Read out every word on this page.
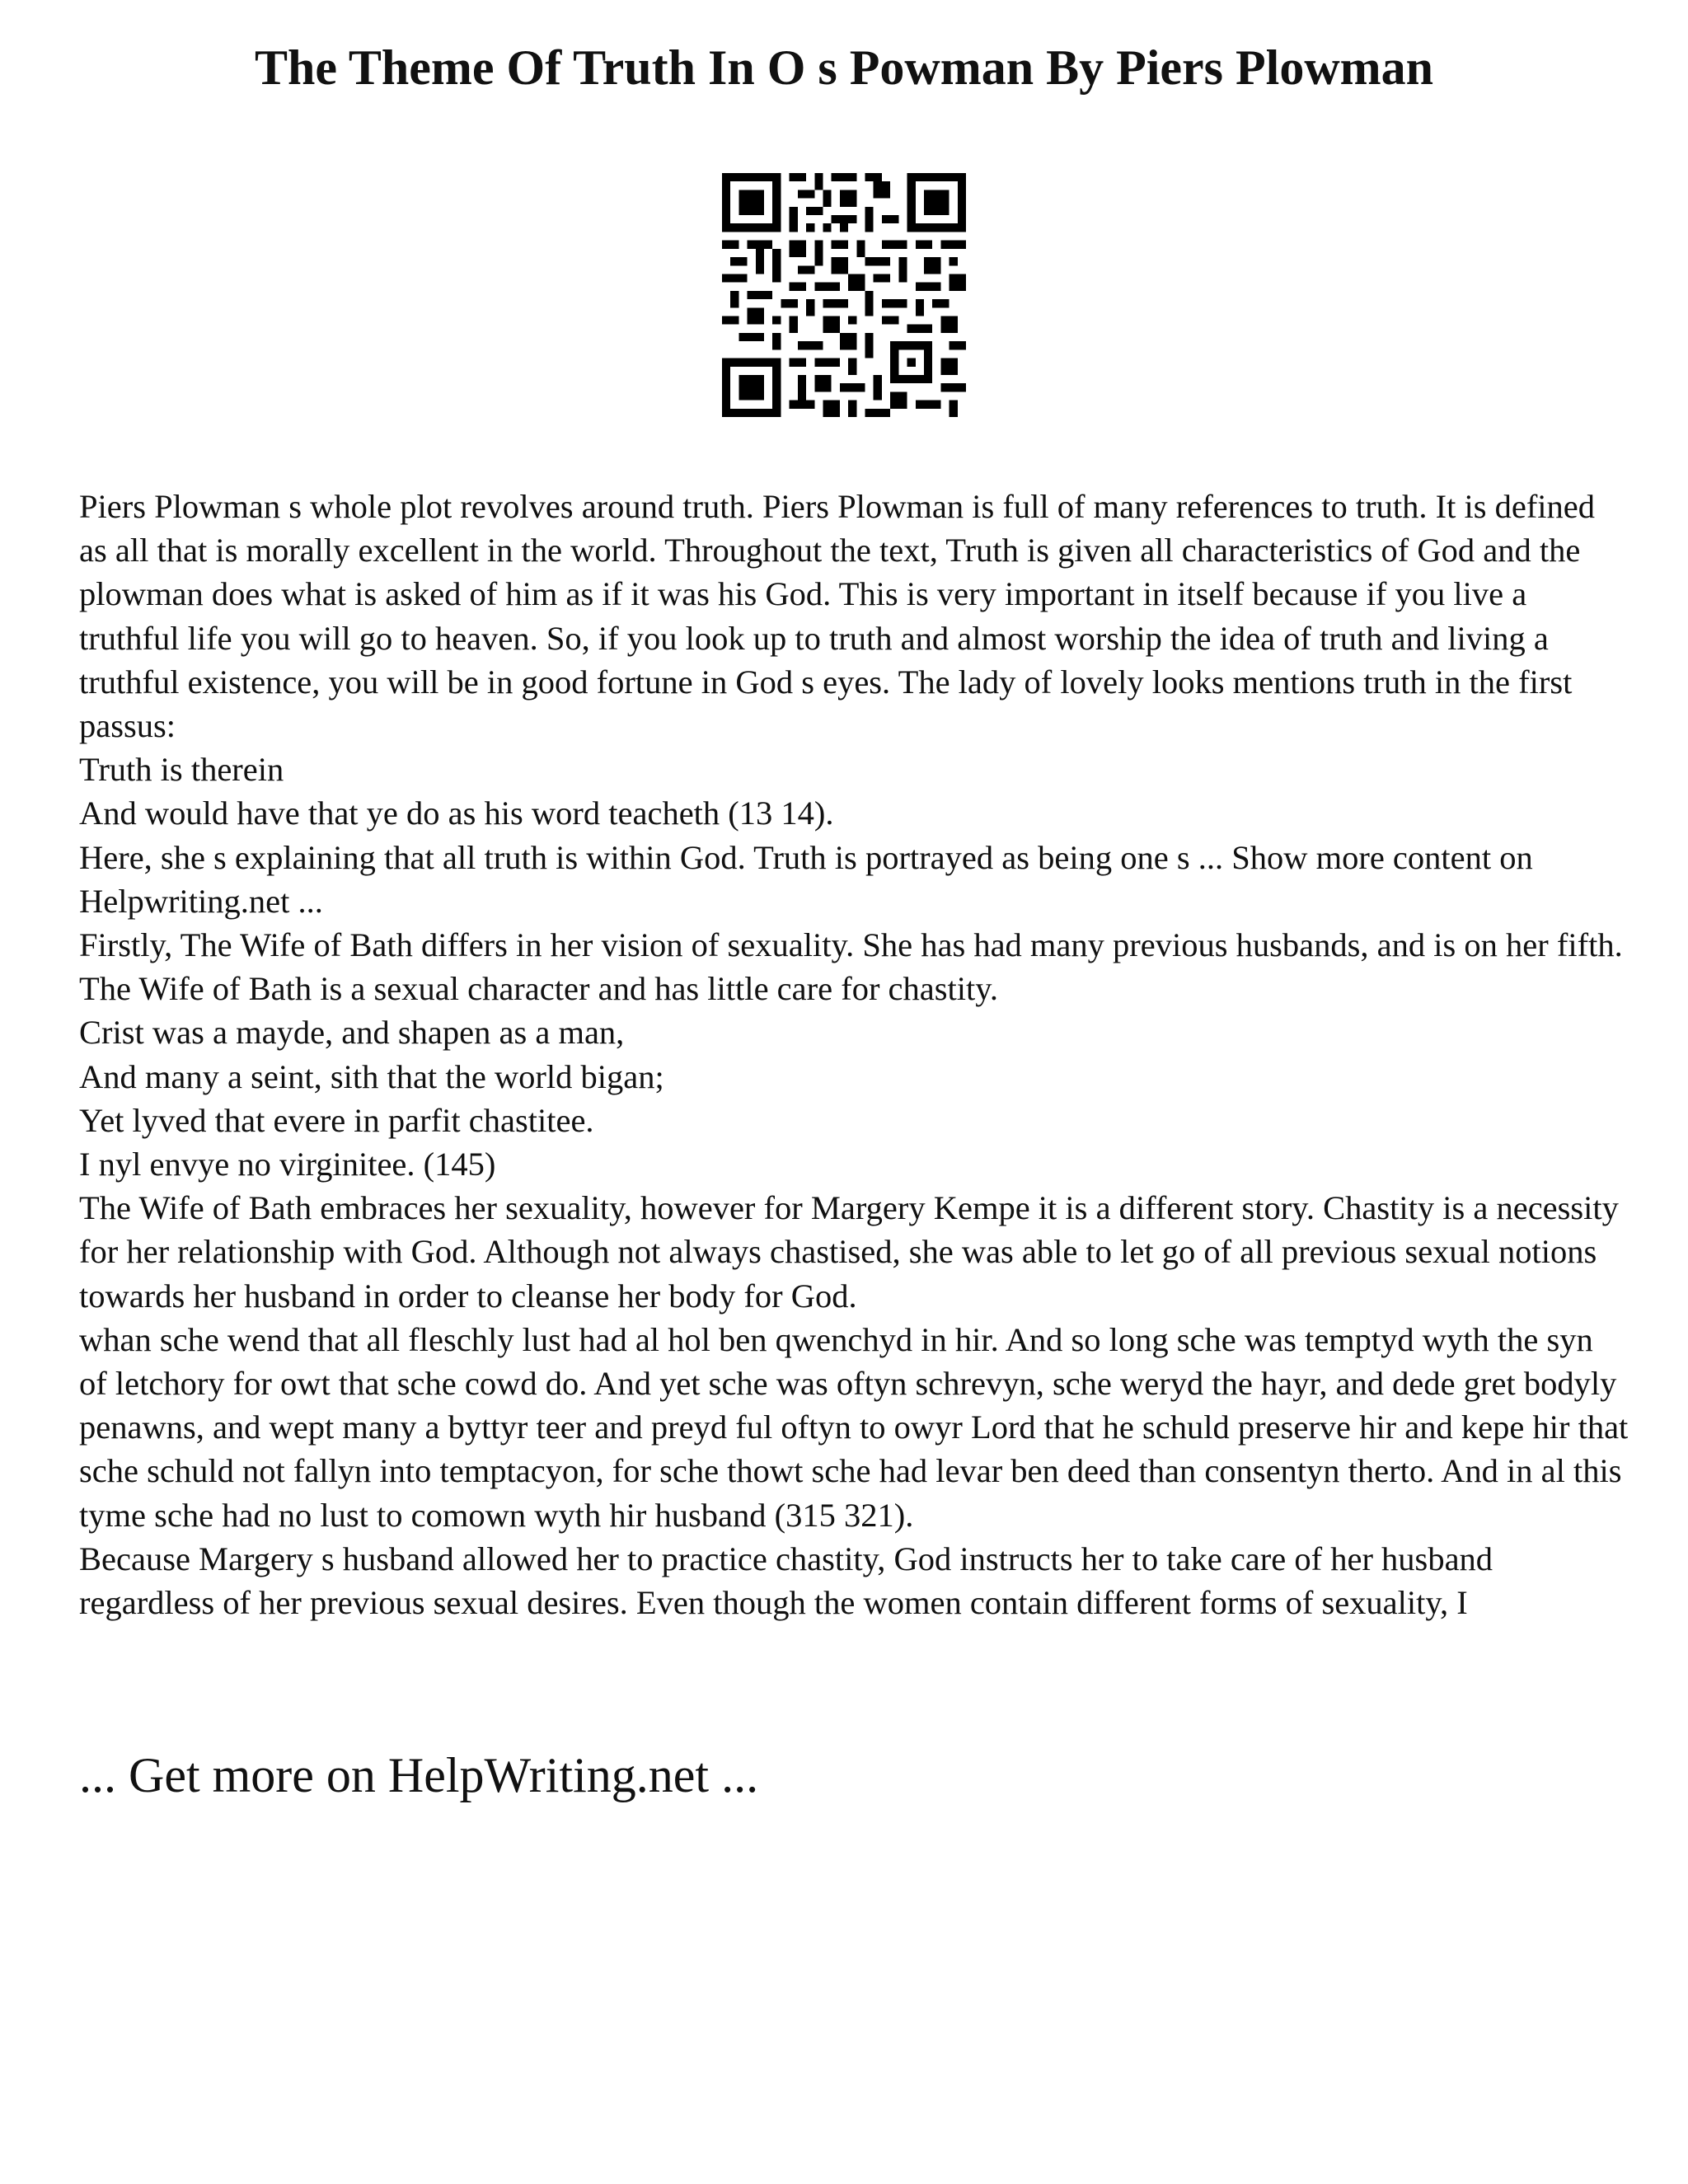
The Theme Of Truth In O s Powman By Piers Plowman

Piers Plowman s whole plot revolves around truth. Piers Plowman is full of many references to truth. It is defined as all that is morally excellent in the world. Throughout the text, Truth is given all characteristics of God and the plowman does what is asked of him as if it was his God. This is very important in itself because if you live a truthful life you will go to heaven. So, if you look up to truth and almost worship the idea of truth and living a truthful existence, you will be in good fortune in God s eyes. The lady of lovely looks mentions truth in the first passus:

Truth is therein

And would have that ye do as his word teacheth (13 14).

Here, she s explaining that all truth is within God. Truth is portrayed as being one s ... Show more content on Helpwriting.net ...

Firstly, The Wife of Bath differs in her vision of sexuality. She has had many previous husbands, and is on her fifth. The Wife of Bath is a sexual character and has little care for chastity.

Crist was a mayde, and shapen as a man,

And many a seint, sith that the world bigan;

Yet lyved that evere in parfit chastitee.

I nyl envye no virginitee. (145)

The Wife of Bath embraces her sexuality, however for Margery Kempe it is a different story. Chastity is a necessity for her relationship with God. Although not always chastised, she was able to let go of all previous sexual notions towards her husband in order to cleanse her body for God.

whan sche wend that all fleschly lust had al hol ben qwenchyd in hir. And so long sche was temptyd wyth the syn of letchory for owt that sche cowd do. And yet sche was oftyn schrevyn, sche weryd the hayr, and dede gret bodyly penawns, and wept many a byttyr teer and preyd ful oftyn to owyr Lord that he schuld preserve hir and kepe hir that sche schuld not fallyn into temptacyon, for sche thowt sche had levar ben deed than consentyn therto. And in al this tyme sche had no lust to comown wyth hir husband (315 321).

Because Margery s husband allowed her to practice chastity, God instructs her to take care of her husband regardless of her previous sexual desires. Even though the women contain different forms of sexuality, I

... Get more on HelpWriting.net ...
